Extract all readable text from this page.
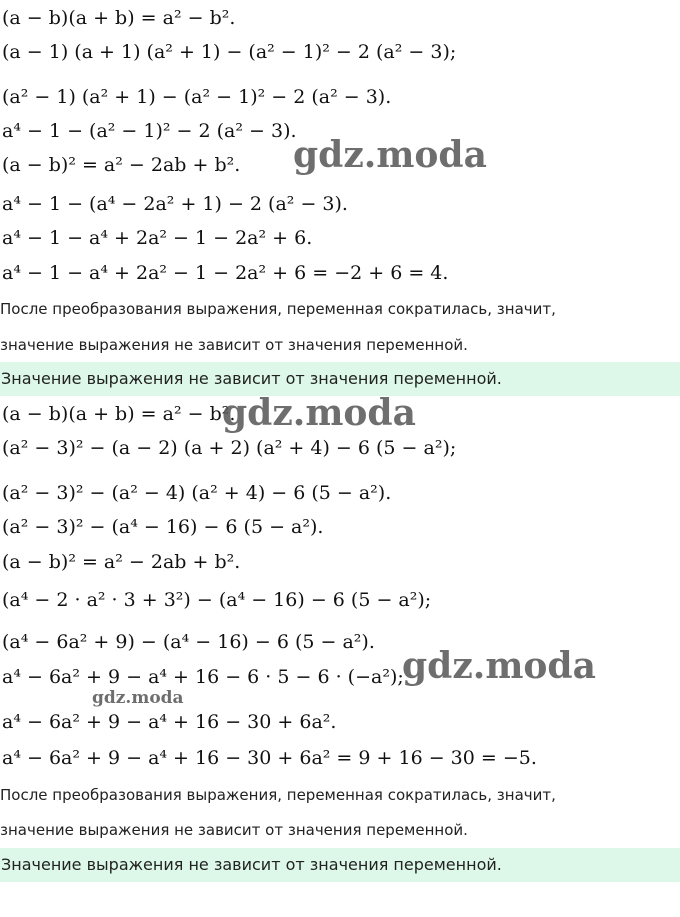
(a − b)(a + b) = a² − b².
(a − 1) (a + 1) (a² + 1) − (a² − 1)² − 2 (a² − 3);
(a² − 1) (a² + 1) − (a² − 1)² − 2 (a² − 3).
a⁴ − 1 − (a² − 1)² − 2 (a² − 3).
(a − b)² = a² − 2ab + b².
a⁴ − 1 − (a⁴ − 2a² + 1) − 2 (a² − 3).
a⁴ − 1 − a⁴ + 2a² − 1 − 2a² + 6.
a⁴ − 1 − a⁴ + 2a² − 1 − 2a² + 6 = −2 + 6 = 4.
После преобразования выражения, переменная сократилась, значит,
значение выражения не зависит от значения переменной.
Значение выражения не зависит от значения переменной.
(a − b)(a + b) = a² − b².
(a² − 3)² − (a − 2) (a + 2) (a² + 4) − 6 (5 − a²);
(a² − 3)² − (a² − 4) (a² + 4) − 6 (5 − a²).
(a² − 3)² − (a⁴ − 16) − 6 (5 − a²).
(a − b)² = a² − 2ab + b².
(a⁴ − 2 · a² · 3 + 3²) − (a⁴ − 16) − 6 (5 − a²);
(a⁴ − 6a² + 9) − (a⁴ − 16) − 6 (5 − a²).
a⁴ − 6a² + 9 − a⁴ + 16 − 6 · 5 − 6 · (−a²);
a⁴ − 6a² + 9 − a⁴ + 16 − 30 + 6a².
a⁴ − 6a² + 9 − a⁴ + 16 − 30 + 6a² = 9 + 16 − 30 = −5.
После преобразования выражения, переменная сократилась, значит,
значение выражения не зависит от значения переменной.
Значение выражения не зависит от значения переменной.
gdz.moda
gdz.moda
gdz.moda
gdz.moda
